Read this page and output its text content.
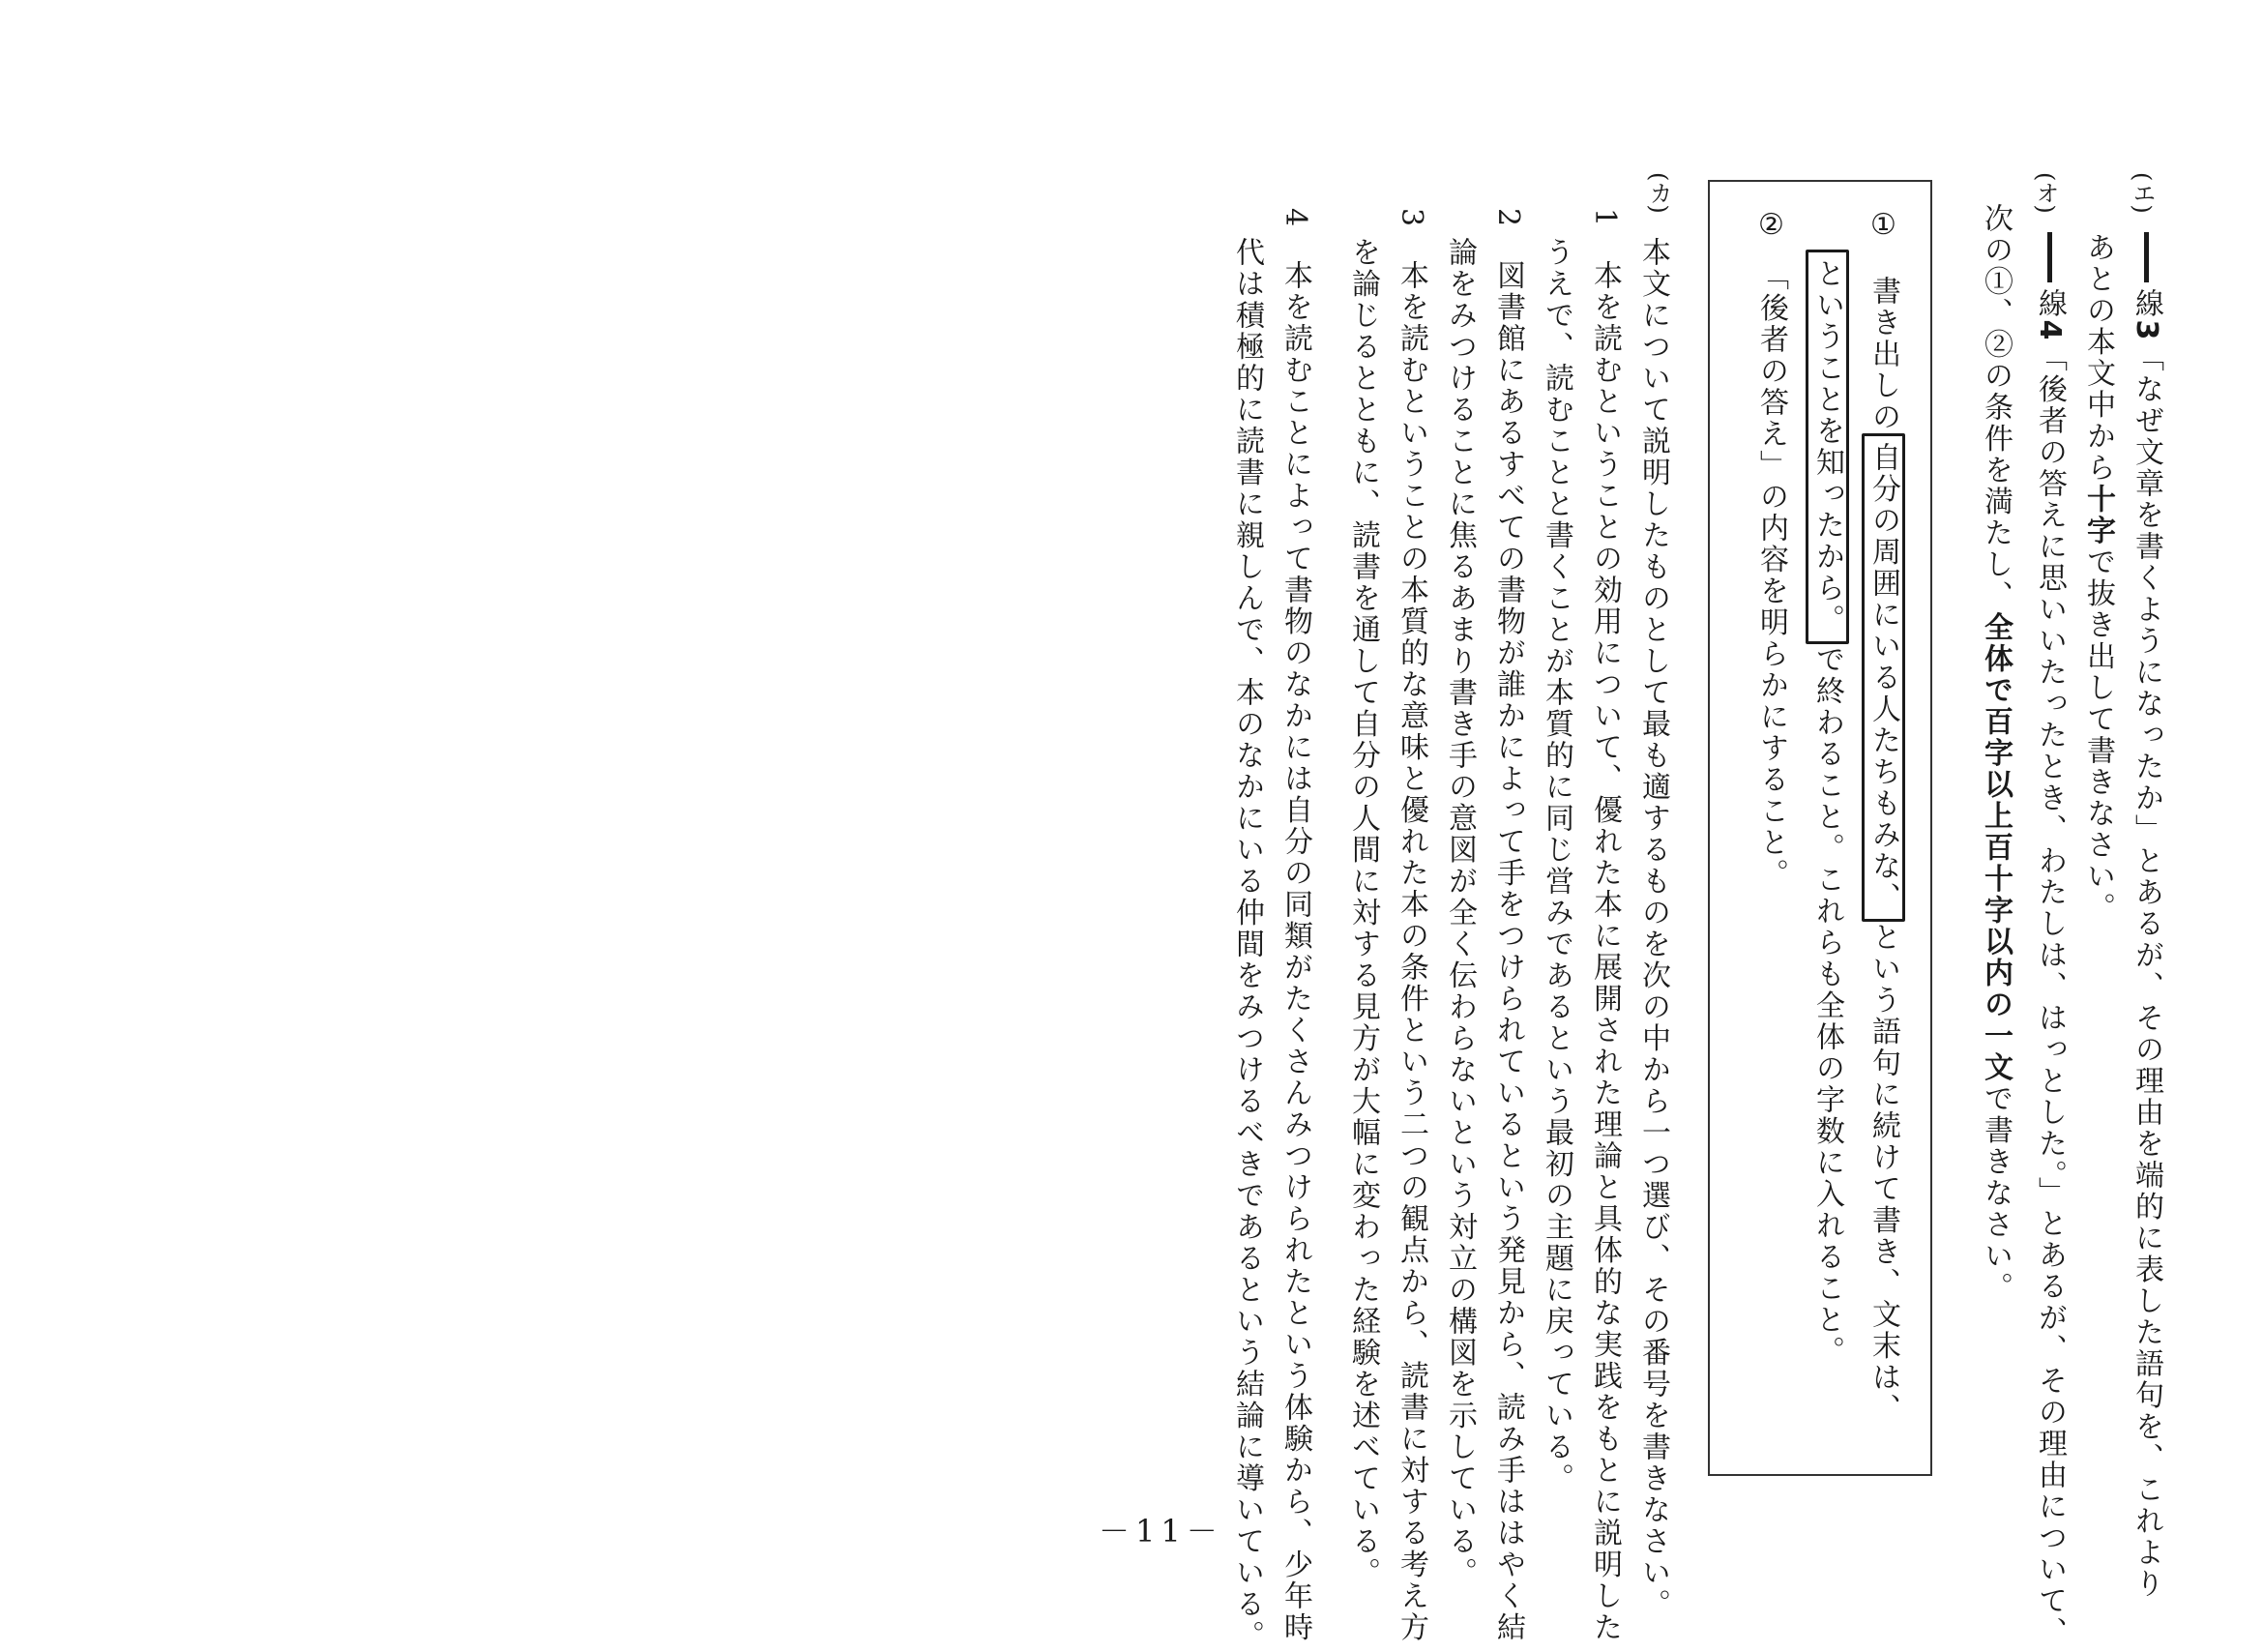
(エ)
線3「なぜ文章を書くようになったか」とあるが、その理由を端的に表した語句を、これより
あとの本文中から十字で抜き出して書きなさい。
(オ)
線4「後者の答えに思いいたったとき、わたしは、はっとした。」とあるが、その理由について、
次の①、②の条件を満たし、全体で百字以上百十字以内の一文で書きなさい。
①　書き出しの自分の周囲にいる人たちもみな、という語句に続けて書き、文末は、
ということを知ったから。で終わること。これらも全体の字数に入れること。
②　「後者の答え」の内容を明らかにすること。
(カ)
本文について説明したものとして最も適するものを次の中から一つ選び、その番号を書きなさい。
1　本を読むということの効用について、優れた本に展開された理論と具体的な実践をもとに説明した
うえで、読むことと書くことが本質的に同じ営みであるという最初の主題に戻っている。
2　図書館にあるすべての書物が誰かによって手をつけられているという発見から、読み手ははやく結
論をみつけることに焦るあまり書き手の意図が全く伝わらないという対立の構図を示している。
3　本を読むということの本質的な意味と優れた本の条件という二つの観点から、読書に対する考え方
を論じるとともに、読書を通して自分の人間に対する見方が大幅に変わった経験を述べている。
4　本を読むことによって書物のなかには自分の同類がたくさんみつけられたという体験から、少年時
代は積極的に読書に親しんで、本のなかにいる仲間をみつけるべきであるという結論に導いている。
－11－
